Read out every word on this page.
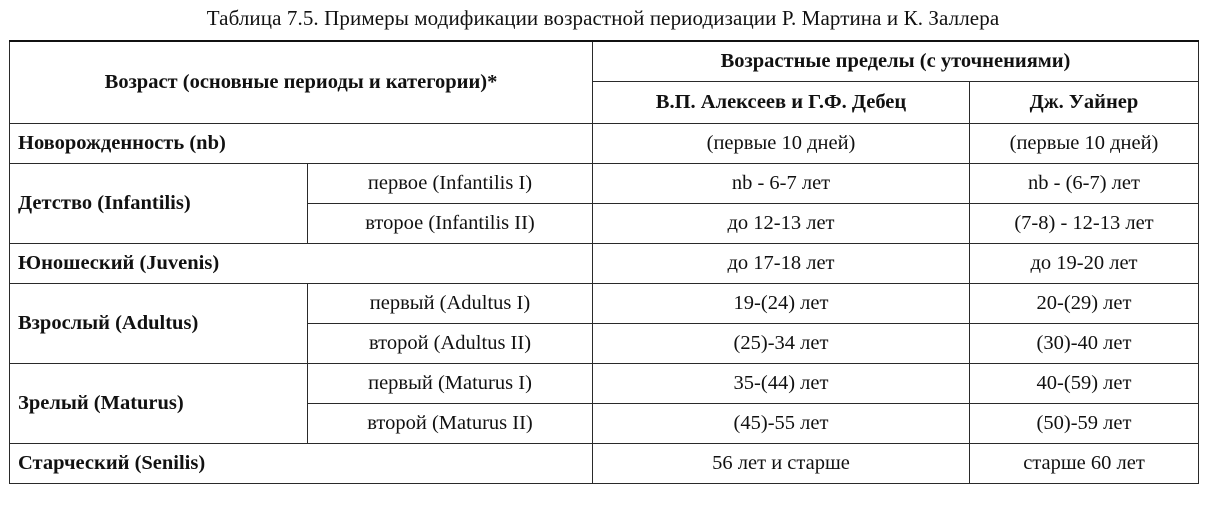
Таблица 7.5. Примеры модификации возрастной периодизации Р. Мартина и К. Заллера
Возраст (основные периоды и категории)*		Возрастные пределы (с уточнениями)	
		В.П. Алексеев и Г.Ф. Дебец	Дж. Уайнер
Новорожденность (nb)		(первые 10 дней)	(первые 10 дней)
Детство (Infantilis)	первое (Infantilis I)	nb - 6-7 лет	nb - (6-7) лет
	второе (Infantilis II)	до 12-13 лет	(7-8) - 12-13 лет
Юношеский (Juvenis)		до 17-18 лет	до 19-20 лет
Взрослый (Adultus)	первый (Adultus I)	19-(24) лет	20-(29) лет
	второй (Adultus II)	(25)-34 лет	(30)-40 лет
Зрелый (Maturus)	первый (Maturus I)	35-(44) лет	40-(59) лет
	второй (Maturus II)	(45)-55 лет	(50)-59 лет
Старческий (Senilis)		56 лет и старше	старше 60 лет
